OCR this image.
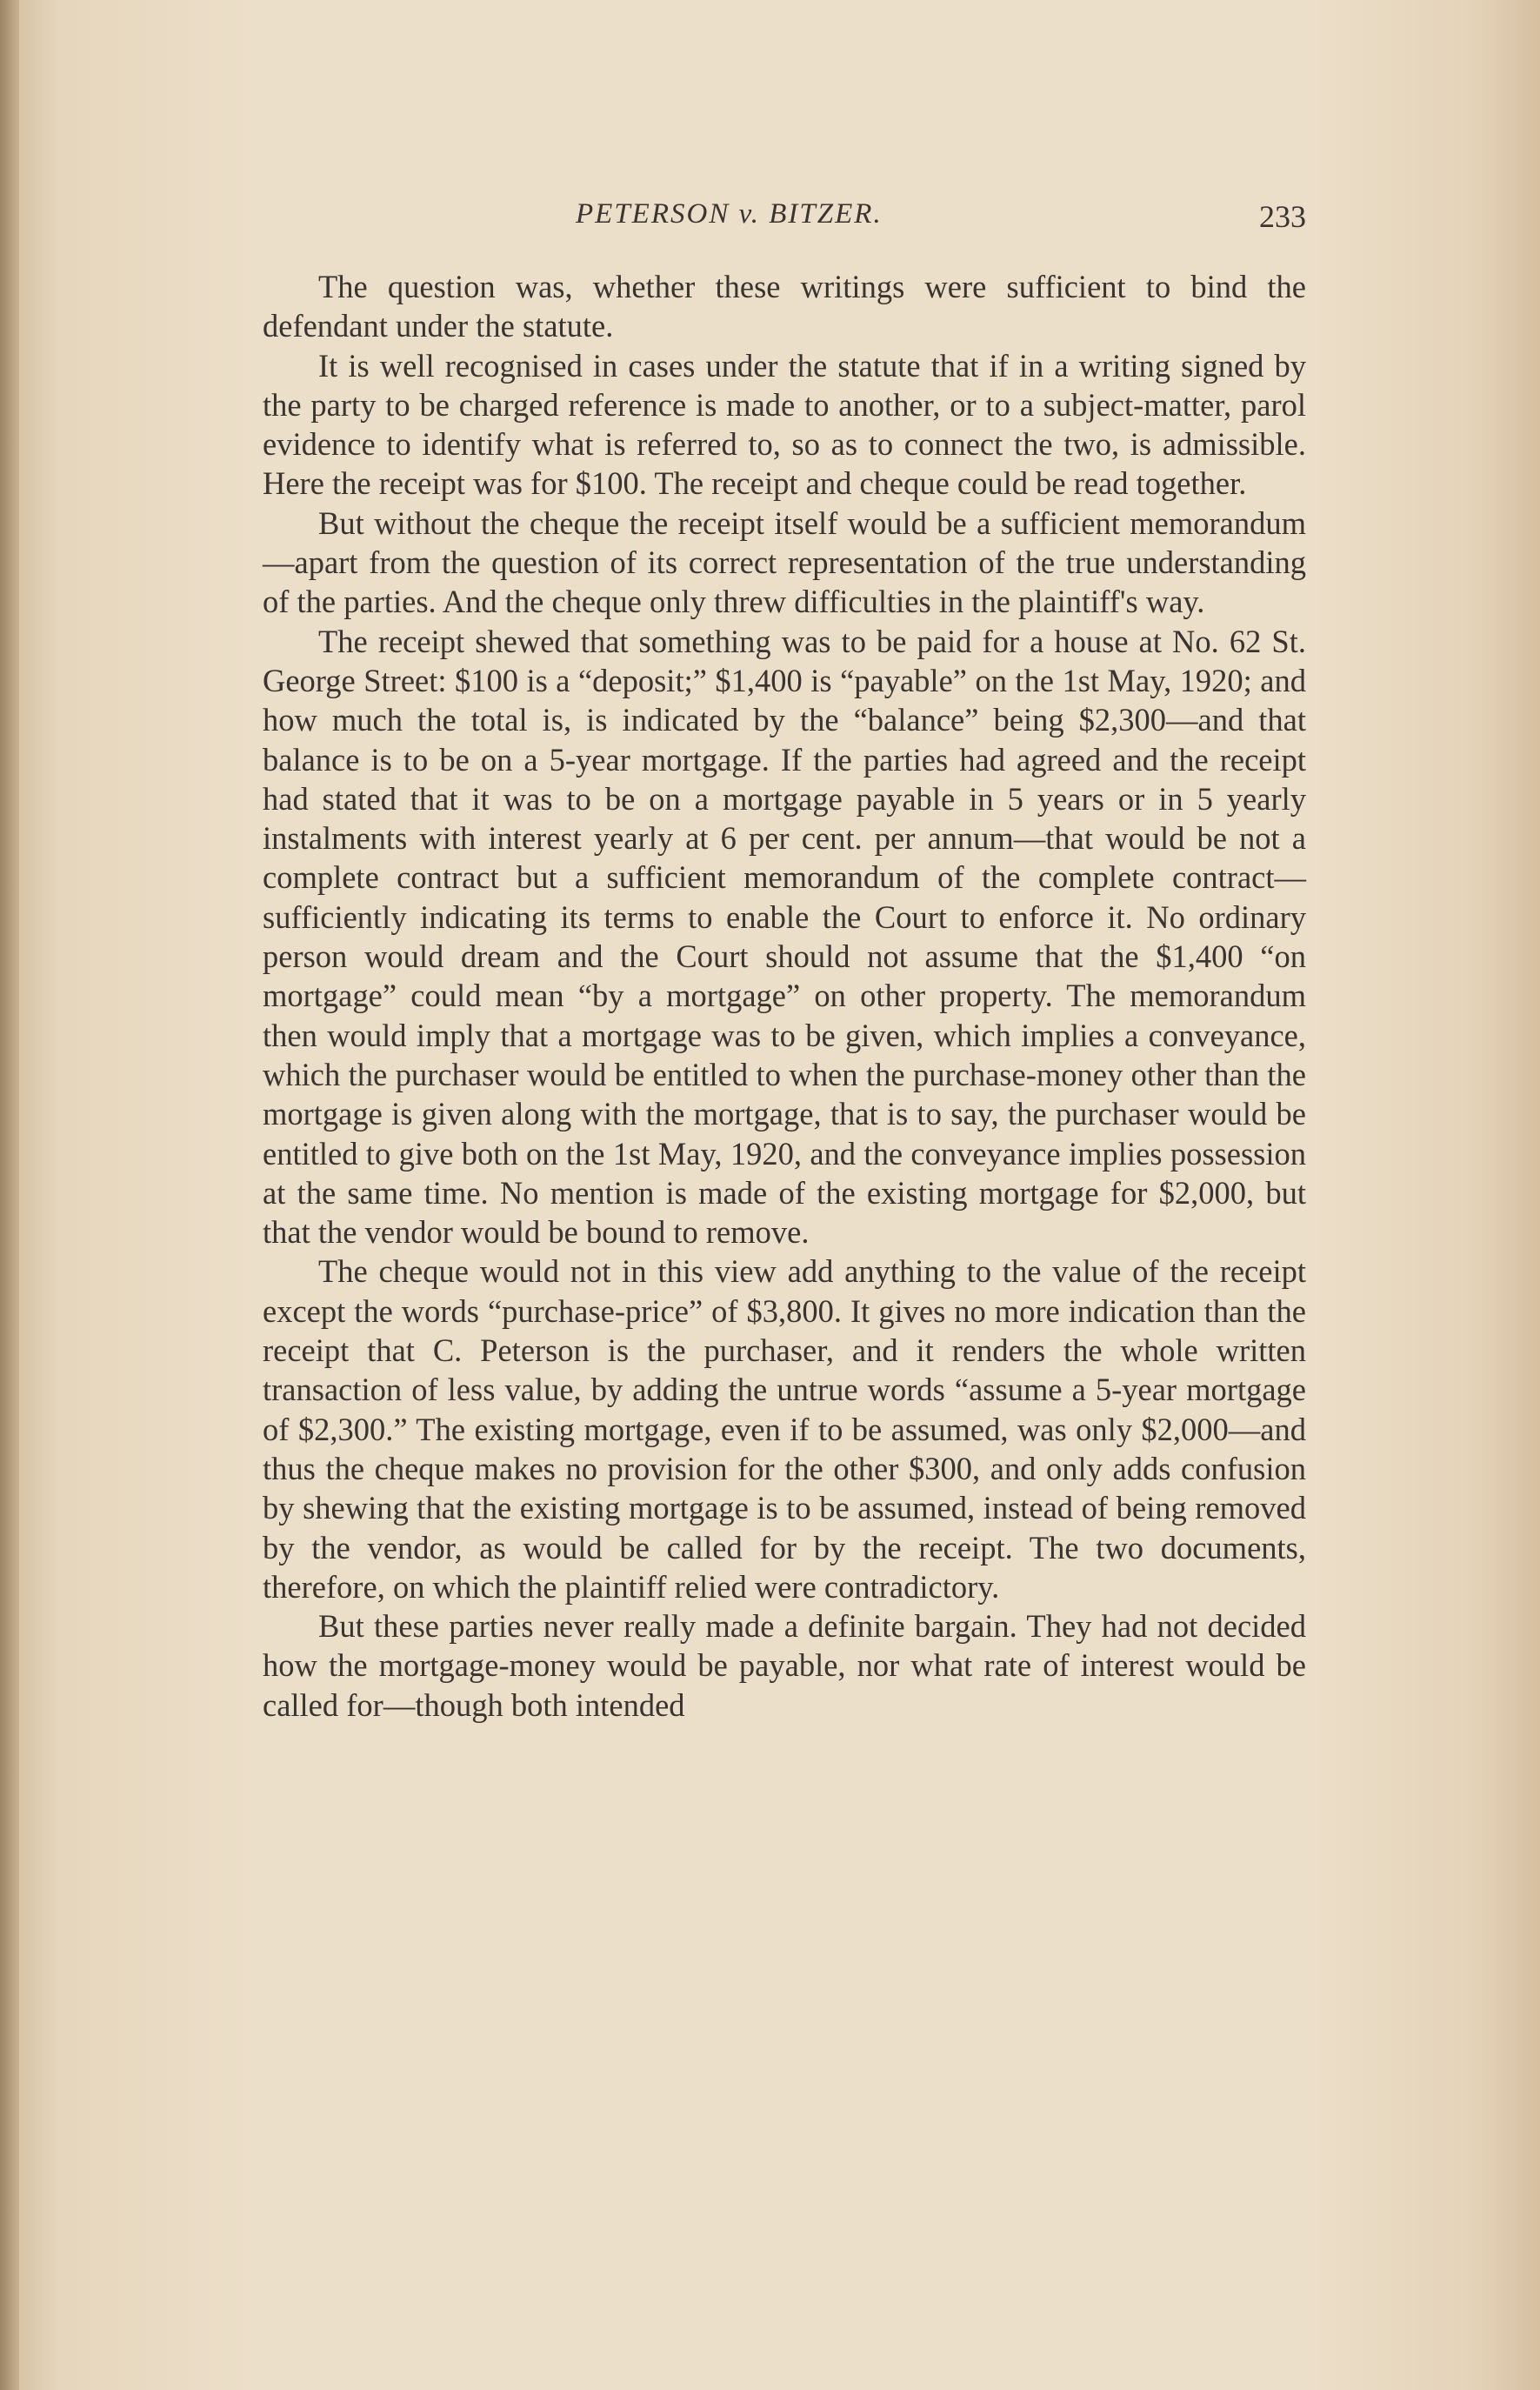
PETERSON v. BITZER.	233

The question was, whether these writings were sufficient to bind the defendant under the statute.

It is well recognised in cases under the statute that if in a writing signed by the party to be charged reference is made to another, or to a subject-matter, parol evidence to identify what is referred to, so as to connect the two, is admissible. Here the receipt was for $100. The receipt and cheque could be read together.

But without the cheque the receipt itself would be a sufficient memorandum—apart from the question of its correct representation of the true understanding of the parties. And the cheque only threw difficulties in the plaintiff's way.

The receipt shewed that something was to be paid for a house at No. 62 St. George Street: $100 is a “deposit;” $1,400 is “payable” on the 1st May, 1920; and how much the total is, is indicated by the “balance” being $2,300—and that balance is to be on a 5-year mortgage. If the parties had agreed and the receipt had stated that it was to be on a mortgage payable in 5 years or in 5 yearly instalments with interest yearly at 6 per cent. per annum—that would be not a complete contract but a sufficient memorandum of the complete contract—sufficiently indicating its terms to enable the Court to enforce it. No ordinary person would dream and the Court should not assume that the $1,400 “on mortgage” could mean “by a mortgage” on other property. The memorandum then would imply that a mortgage was to be given, which implies a conveyance, which the purchaser would be entitled to when the purchase-money other than the mortgage is given along with the mortgage, that is to say, the purchaser would be entitled to give both on the 1st May, 1920, and the conveyance implies possession at the same time. No mention is made of the existing mortgage for $2,000, but that the vendor would be bound to remove.

The cheque would not in this view add anything to the value of the receipt except the words “purchase-price” of $3,800. It gives no more indication than the receipt that C. Peterson is the purchaser, and it renders the whole written transaction of less value, by adding the untrue words “assume a 5-year mortgage of $2,300.” The existing mortgage, even if to be assumed, was only $2,000—and thus the cheque makes no provision for the other $300, and only adds confusion by shewing that the existing mortgage is to be assumed, instead of being removed by the vendor, as would be called for by the receipt. The two documents, therefore, on which the plaintiff relied were contradictory.

But these parties never really made a definite bargain. They had not decided how the mortgage-money would be payable, nor what rate of interest would be called for—though both intended
